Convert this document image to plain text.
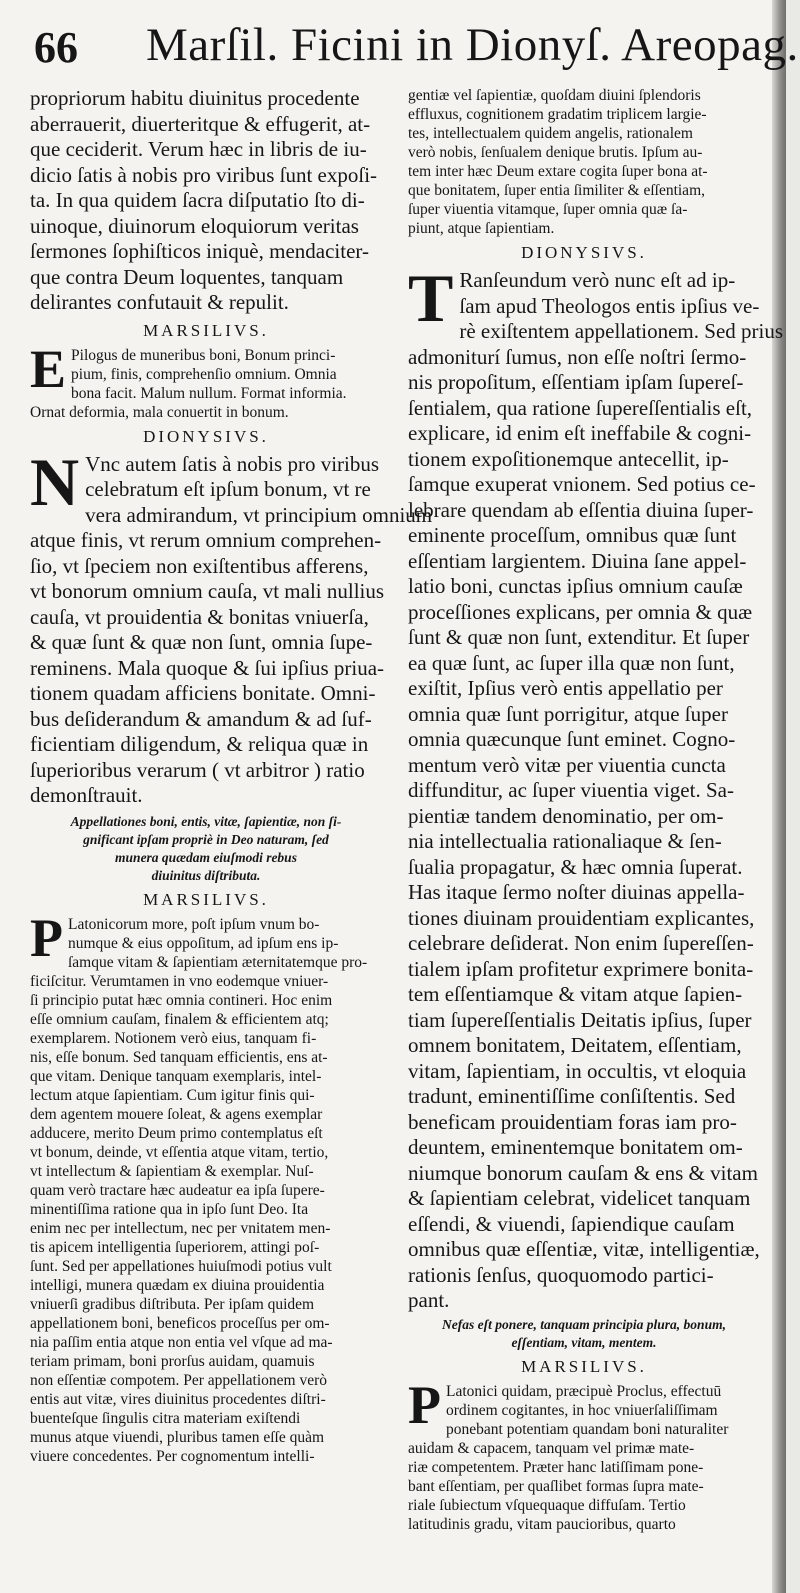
66 Marſil. Ficini in Dionyſ. Areopag.

propriorum habitu diuinitus procedente

aberrauerit, diuerteritque & effugerit, at-

que ceciderit. Verum hæc in libris de iu-

dicio ſatis à nobis pro viribus ſunt expoſi-

ta. In qua quidem ſacra diſputatio ſto di-

uinoque, diuinorum eloquiorum veritas

ſermones ſophiſticos iniquè, mendaciter-

que contra Deum loquentes, tanquam

delirantes confutauit & repulit.

MARSILIVS.

E Pilogus de muneribus boni, Bonum princi-

pium, finis, comprehenſio omnium. Omnia

bona facit. Malum nullum. Format informia.

Ornat deformia, mala conuertit in bonum.

DIONYSIVS.

N Vnc autem ſatis à nobis pro viribus

celebratum eſt ipſum bonum, vt re

vera admirandum, vt principium omnium

atque finis, vt rerum omnium comprehen-

ſio, vt ſpeciem non exiſtentibus afferens,

vt bonorum omnium cauſa, vt mali nullius

cauſa, vt prouidentia & bonitas vniuerſa,

& quæ ſunt & quæ non ſunt, omnia ſupe-

reminens. Mala quoque & ſui ipſius priua-

tionem quadam afficiens bonitate. Omni-

bus deſiderandum & amandum & ad ſuf-

ficientiam diligendum, & reliqua quæ in

ſuperioribus verarum ( vt arbitror ) ratio

demonſtrauit.

Appellationes boni, entis, vitæ, ſapientiæ, non ſi-

gnificant ipſam propriè in Deo naturam, ſed

munera quædam eiuſmodi rebus

diuinitus diſtributa.

MARSILIVS.

P Latonicorum more, poſt ipſum vnum bo-

numque & eius oppoſitum, ad ipſum ens ip-

ſamque vitam & ſapientiam æternitatemque pro-

ficiſcitur. Verumtamen in vno eodemque vniuer-

ſi principio putat hæc omnia contineri. Hoc enim

eſſe omnium cauſam, finalem & efficientem atq;

exemplarem. Notionem verò eius, tanquam fi-

nis, eſſe bonum. Sed tanquam efficientis, ens at-

que vitam. Denique tanquam exemplaris, intel-

lectum atque ſapientiam. Cum igitur finis qui-

dem agentem mouere ſoleat, & agens exemplar

adducere, merito Deum primo contemplatus eſt

vt bonum, deinde, vt eſſentia atque vitam, tertio,

vt intellectum & ſapientiam & exemplar. Nuſ-

quam verò tractare hæc audeatur ea ipſa ſupere-

minentiſſima ratione qua in ipſo ſunt Deo. Ita

enim nec per intellectum, nec per vnitatem men-

tis apicem intelligentia ſuperiorem, attingi poſ-

ſunt. Sed per appellationes huiuſmodi potius vult

intelligi, munera quædam ex diuina prouidentia

vniuerſi gradibus diſtributa. Per ipſam quidem

appellationem boni, beneficos proceſſus per om-

nia paſſim entia atque non entia vel vſque ad ma-

teriam primam, boni prorſus auidam, quamuis

non eſſentiæ compotem. Per appellationem verò

entis aut vitæ, vires diuinitus procedentes diſtri-

buenteſque ſingulis citra materiam exiſtendi

munus atque viuendi, pluribus tamen eſſe quàm

viuere concedentes. Per cognomentum intelli-

gentiæ vel ſapientiæ, quoſdam diuini ſplendoris

effluxus, cognitionem gradatim triplicem largie-

tes, intellectualem quidem angelis, rationalem

verò nobis, ſenſualem denique brutis. Ipſum au-

tem inter hæc Deum extare cogita ſuper bona at-

que bonitatem, ſuper entia ſimiliter & eſſentiam,

ſuper viuentia vitamque, ſuper omnia quæ ſa-

piunt, atque ſapientiam.

DIONYSIVS.

T Ranſeundum verò nunc eſt ad ip-

ſam apud Theologos entis ipſius ve-

rè exiſtentem appellationem. Sed prius

admoniturí ſumus, non eſſe noſtri ſermo-

nis propoſitum, eſſentiam ipſam ſupereſ-

ſentialem, qua ratione ſupereſſentialis eſt,

explicare, id enim eſt ineffabile & cogni-

tionem expoſitionemque antecellit, ip-

ſamque exuperat vnionem. Sed potius ce-

lebrare quendam ab eſſentia diuina ſuper-

eminente proceſſum, omnibus quæ ſunt

eſſentiam largientem. Diuina ſane appel-

latio boni, cunctas ipſius omnium cauſæ

proceſſiones explicans, per omnia & quæ

ſunt & quæ non ſunt, extenditur. Et ſuper

ea quæ ſunt, ac ſuper illa quæ non ſunt,

exiſtit, Ipſius verò entis appellatio per

omnia quæ ſunt porrigitur, atque ſuper

omnia quæcunque ſunt eminet. Cogno-

mentum verò vitæ per viuentia cuncta

diffunditur, ac ſuper viuentia viget. Sa-

pientiæ tandem denominatio, per om-

nia intellectualia rationaliaque & ſen-

ſualia propagatur, & hæc omnia ſuperat.

Has itaque ſermo noſter diuinas appella-

tiones diuinam prouidentiam explicantes,

celebrare deſiderat. Non enim ſupereſſen-

tialem ipſam profitetur exprimere bonita-

tem eſſentiamque & vitam atque ſapien-

tiam ſupereſſentialis Deitatis ipſius, ſuper

omnem bonitatem, Deitatem, eſſentiam,

vitam, ſapientiam, in occultis, vt eloquia

tradunt, eminentiſſime conſiſtentis. Sed

beneficam prouidentiam foras iam pro-

deuntem, eminentemque bonitatem om-

niumque bonorum cauſam & ens & vitam

& ſapientiam celebrat, videlicet tanquam

eſſendi, & viuendi, ſapiendique cauſam

omnibus quæ eſſentiæ, vitæ, intelligentiæ,

rationis ſenſus, quoquomodo partici-

pant.

Nefas eſt ponere, tanquam principia plura, bonum,

eſſentiam, vitam, mentem.

MARSILIVS.

P Latonici quidam, præcipuè Proclus, effectuū

ordinem cogitantes, in hoc vniuerſaliſſimam

ponebant potentiam quandam boni naturaliter

auidam & capacem, tanquam vel primæ mate-

riæ competentem. Præter hanc latiſſimam pone-

bant eſſentiam, per quaſlibet formas ſupra mate-

riale ſubiectum vſquequaque diffuſam. Tertio

latitudinis gradu, vitam paucioribus, quarto
